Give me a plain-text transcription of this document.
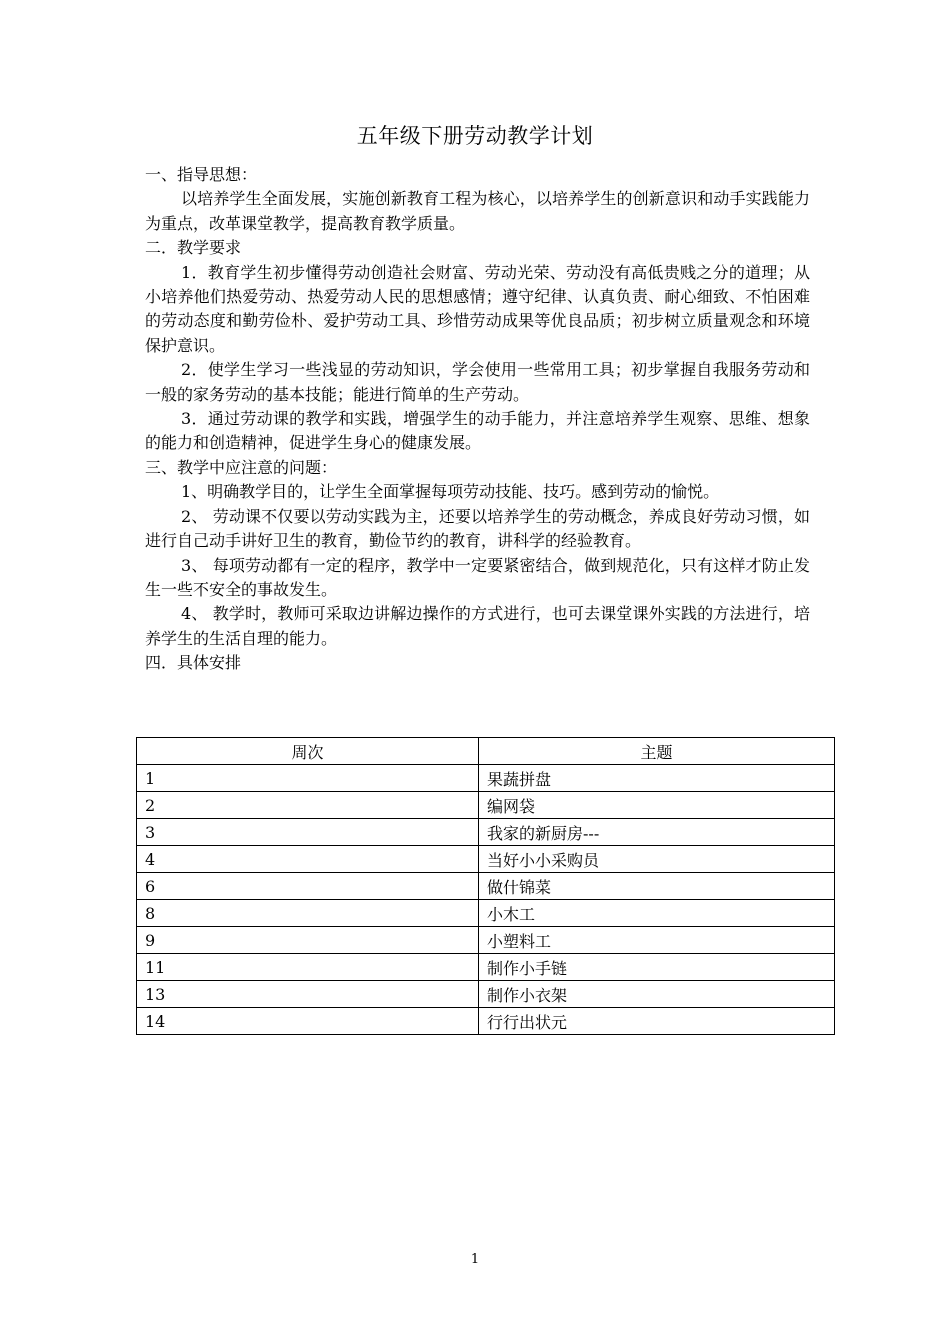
五年级下册劳动教学计划

一、指导思想：

以培养学生全面发展，实施创新教育工程为核心，以培养学生的创新意识和动手实践能力为重点，改革课堂教学，提高教育教学质量。

二．教学要求

1．教育学生初步懂得劳动创造社会财富、劳动光荣、劳动没有高低贵贱之分的道理；从小培养他们热爱劳动、热爱劳动人民的思想感情；遵守纪律、认真负责、耐心细致、不怕困难的劳动态度和勤劳俭朴、爱护劳动工具、珍惜劳动成果等优良品质；初步树立质量观念和环境保护意识。

2．使学生学习一些浅显的劳动知识，学会使用一些常用工具；初步掌握自我服务劳动和一般的家务劳动的基本技能；能进行简单的生产劳动。

3．通过劳动课的教学和实践，增强学生的动手能力，并注意培养学生观察、思维、想象的能力和创造精神，促进学生身心的健康发展。

三、教学中应注意的问题：

1、明确教学目的，让学生全面掌握每项劳动技能、技巧。感到劳动的愉悦。

2、 劳动课不仅要以劳动实践为主，还要以培养学生的劳动概念，养成良好劳动习惯，如进行自己动手讲好卫生的教育，勤俭节约的教育，讲科学的经验教育。

3、 每项劳动都有一定的程序，教学中一定要紧密结合，做到规范化，只有这样才防止发生一些不安全的事故发生。

4、 教学时，教师可采取边讲解边操作的方式进行，也可去课堂课外实践的方法进行，培养学生的生活自理的能力。

四．具体安排

周次	主题
1	果蔬拼盘
2	编网袋
3	我家的新厨房---
4	当好小小采购员
6	做什锦菜
8	小木工
9	小塑料工
11	制作小手链
13	制作小衣架
14	行行出状元
1
